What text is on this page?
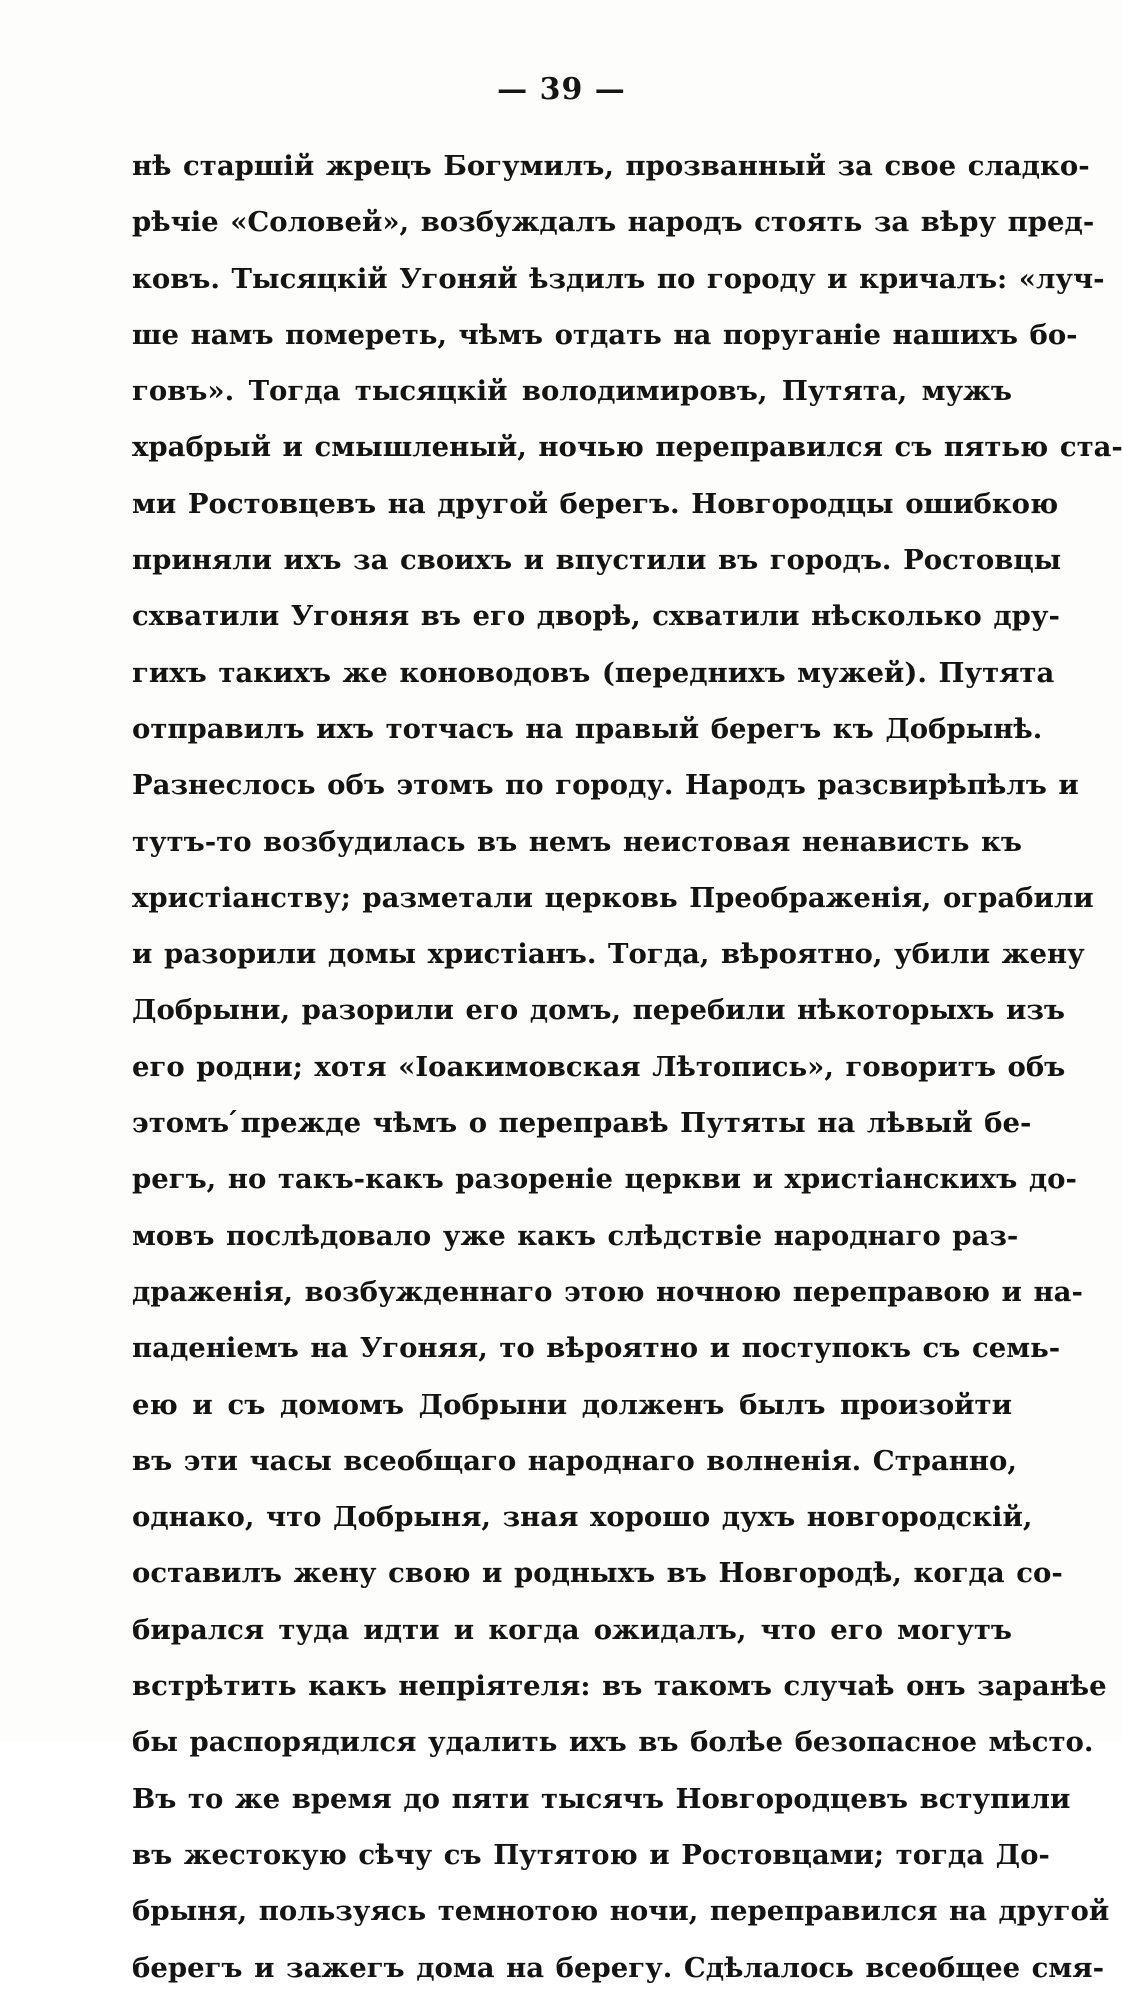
— 39 —
нѣ старшій жрецъ Богумилъ, прозванный за свое сладко-
рѣчіе «Соловей», возбуждалъ народъ стоять за вѣру пред-
ковъ. Тысяцкій Угоняй ѣздилъ по городу и кричалъ: «луч-
ше намъ помереть, чѣмъ отдать на поруганіе нашихъ бо-
говъ». Тогда тысяцкій володимировъ, Путята, мужъ
храбрый и смышленый, ночью переправился съ пятью ста-
ми Ростовцевъ на другой берегъ. Новгородцы ошибкою
приняли ихъ за своихъ и впустили въ городъ. Ростовцы
схватили Угоняя въ его дворѣ, схватили нѣсколько дру-
гихъ такихъ же коноводовъ (переднихъ мужей). Путята
отправилъ ихъ тотчасъ на правый берегъ къ Добрынѣ.
Разнеслось объ этомъ по городу. Народъ разсвирѣпѣлъ и
тутъ-то возбудилась въ немъ неистовая ненависть къ
христіанству; разметали церковь Преображенія, ограбили
и разорили домы христіанъ. Тогда, вѣроятно, убили жену
Добрыни, разорили его домъ, перебили нѣкоторыхъ изъ
его родни; хотя «Іоакимовская Лѣтопись», говоритъ объ
этомъ ́прежде чѣмъ о переправѣ Путяты на лѣвый бе-
регъ, но такъ-какъ разореніе церкви и христіанскихъ до-
мовъ послѣдовало уже какъ слѣдствіе народнаго раз-
драженія, возбужденнаго этою ночною переправою и на-
паденіемъ на Угоняя, то вѣроятно и поступокъ съ семь-
ею и съ домомъ Добрыни долженъ былъ произойти
въ эти часы всеобщаго народнаго волненія. Странно,
однако, что Добрыня, зная хорошо духъ новгородскій,
оставилъ жену свою и родныхъ въ Новгородѣ, когда со-
бирался туда идти и когда ожидалъ, что его могутъ
встрѣтить какъ непріятеля: въ такомъ случаѣ онъ заранѣе
бы распорядился удалить ихъ въ болѣе безопасное мѣсто.
Въ то же время до пяти тысячъ Новгородцевъ вступили
въ жестокую сѣчу съ Путятою и Ростовцами; тогда До-
брыня, пользуясь темнотою ночи, переправился на другой
берегъ и зажегъ дома на берегу. Сдѣлалось всеобщее смя-
